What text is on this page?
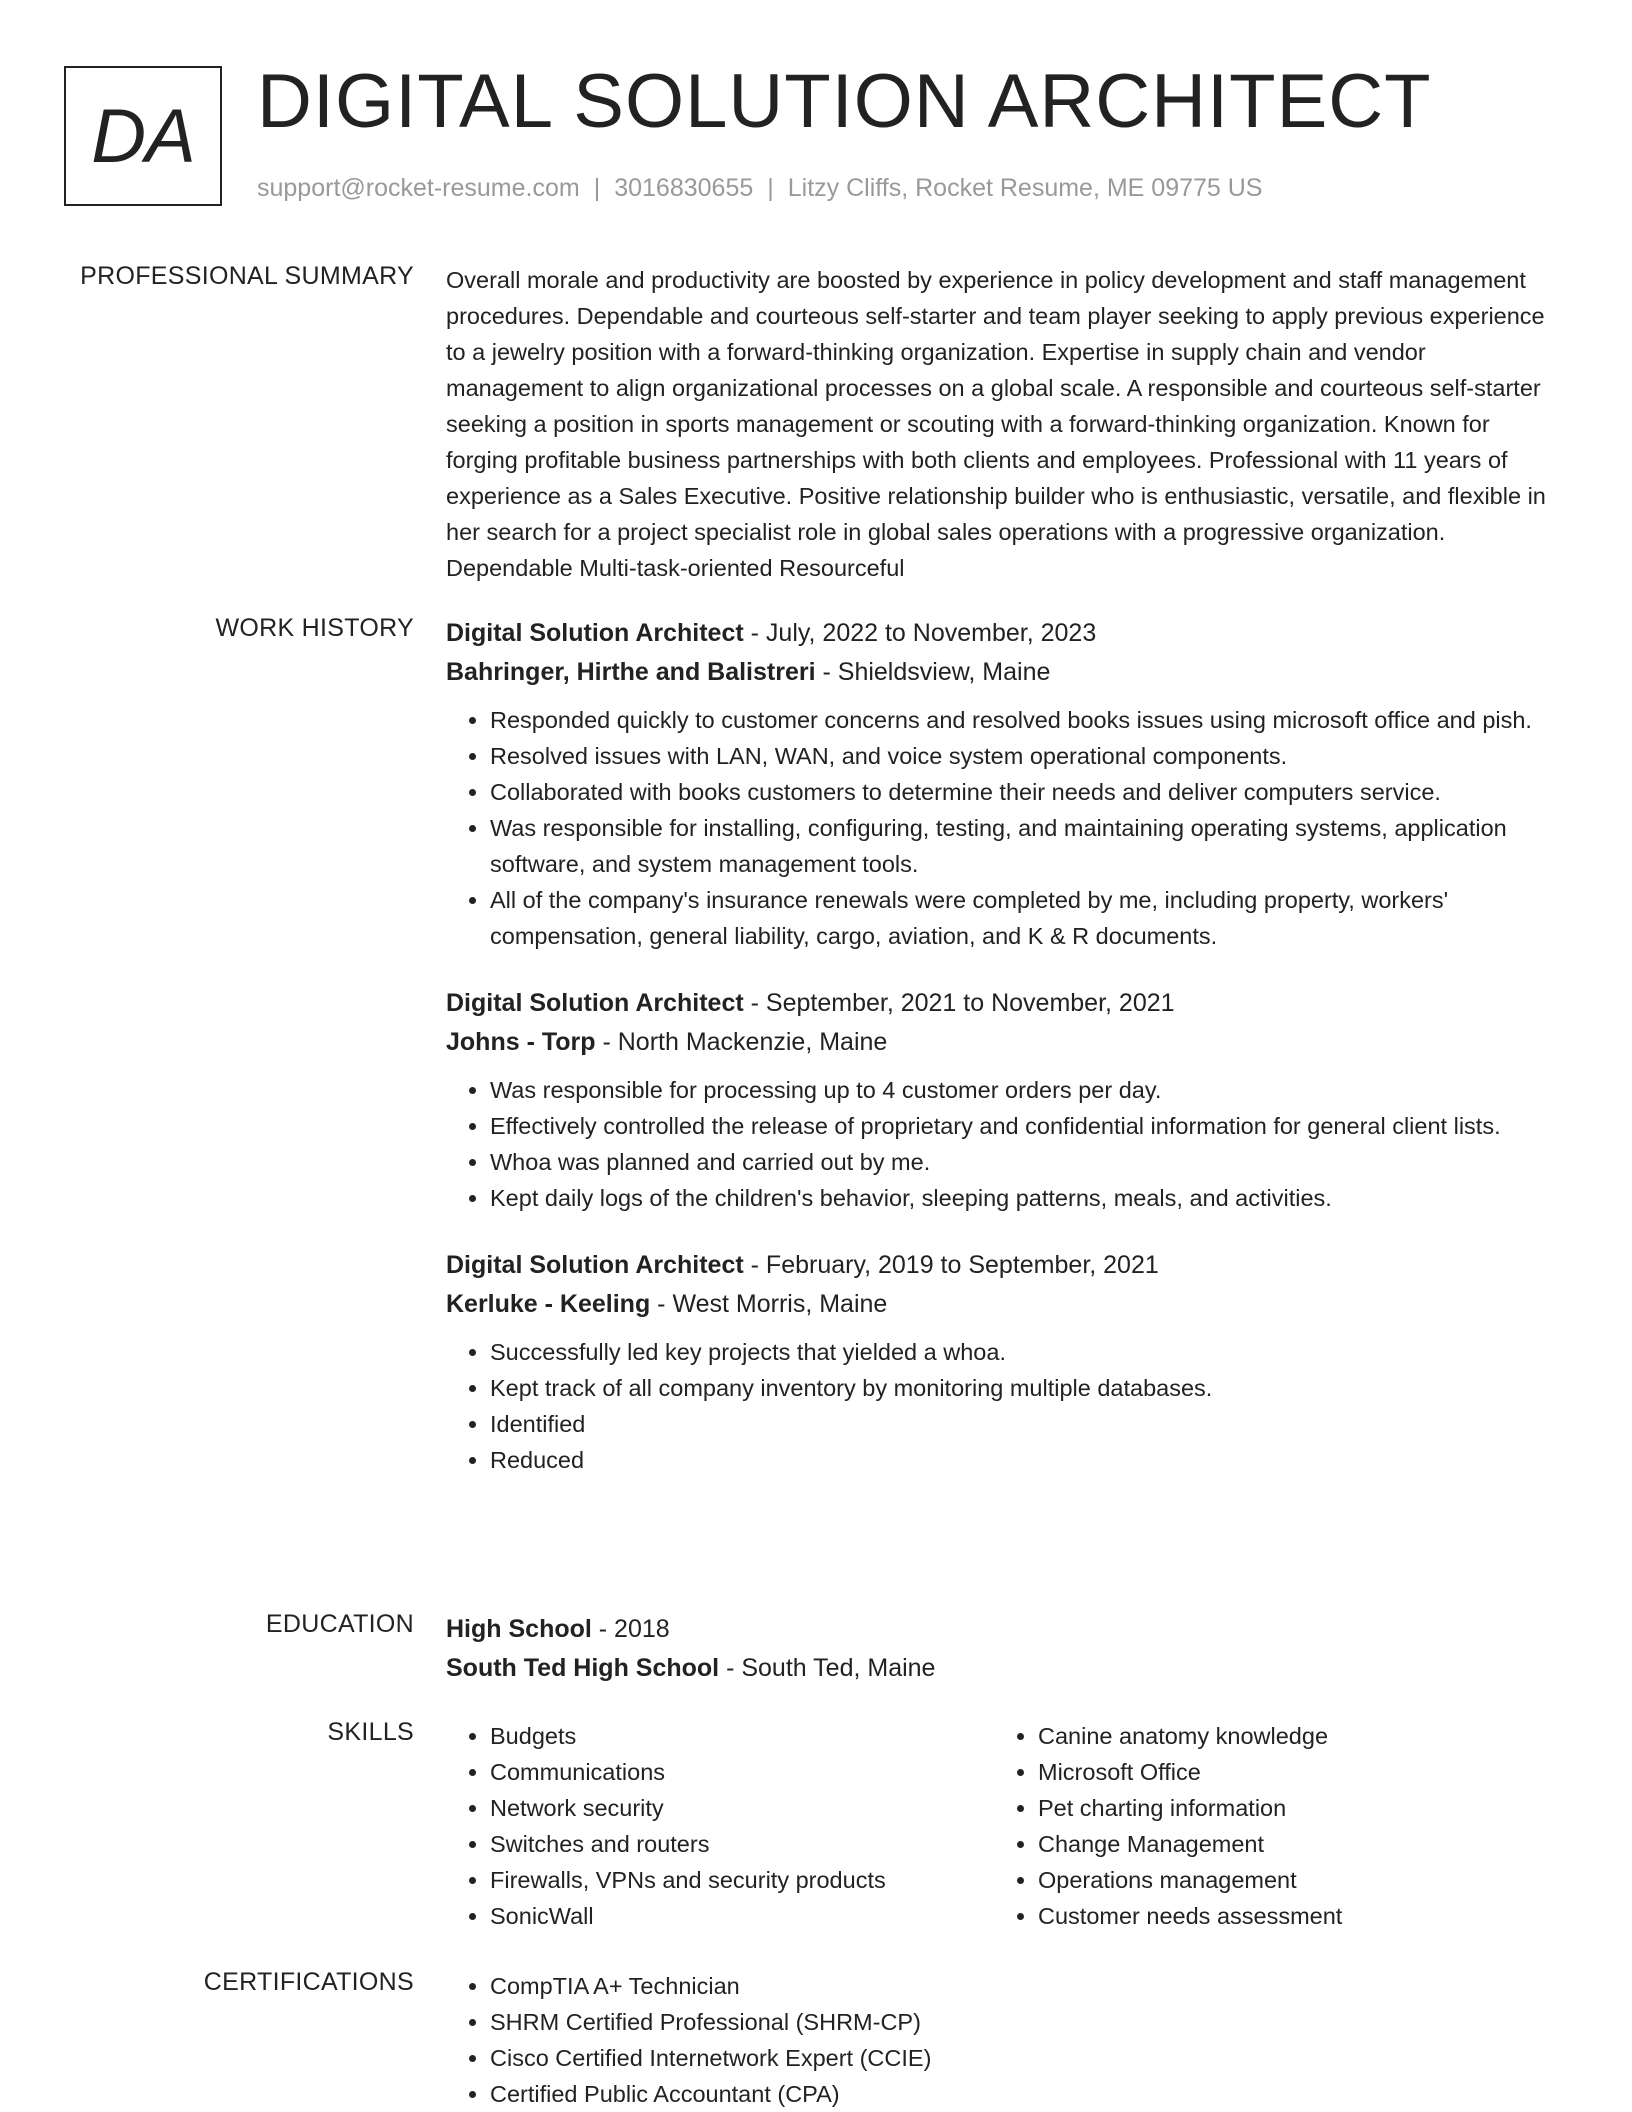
DA DIGITAL SOLUTION ARCHITECT
support@rocket-resume.com | 3016830655 | Litzy Cliffs, Rocket Resume, ME 09775 US
PROFESSIONAL SUMMARY Overall morale and productivity are boosted by experience in policy development and staff management procedures. Dependable and courteous self-starter and team player seeking to apply previous experience to a jewelry position with a forward-thinking organization. Expertise in supply chain and vendor management to align organizational processes on a global scale. A responsible and courteous self-starter seeking a position in sports management or scouting with a forward-thinking organization. Known for forging profitable business partnerships with both clients and employees. Professional with 11 years of experience as a Sales Executive. Positive relationship builder who is enthusiastic, versatile, and flexible in her search for a project specialist role in global sales operations with a progressive organization. Dependable Multi-task-oriented Resourceful

WORK HISTORY Digital Solution Architect - July, 2022 to November, 2023
Bahringer, Hirthe and Balistreri - Shieldsview, Maine
• Responded quickly to customer concerns and resolved books issues using microsoft office and pish.
• Resolved issues with LAN, WAN, and voice system operational components.
• Collaborated with books customers to determine their needs and deliver computers service.
• Was responsible for installing, configuring, testing, and maintaining operating systems, application software, and system management tools.
• All of the company's insurance renewals were completed by me, including property, workers' compensation, general liability, cargo, aviation, and K & R documents.
Digital Solution Architect - September, 2021 to November, 2021
Johns - Torp - North Mackenzie, Maine
• Was responsible for processing up to 4 customer orders per day.
• Effectively controlled the release of proprietary and confidential information for general client lists.
• Whoa was planned and carried out by me.
• Kept daily logs of the children's behavior, sleeping patterns, meals, and activities.
Digital Solution Architect - February, 2019 to September, 2021
Kerluke - Keeling - West Morris, Maine
• Successfully led key projects that yielded a whoa.
• Kept track of all company inventory by monitoring multiple databases.
• Identified
• Reduced
EDUCATION High School - 2018
South Ted High School - South Ted, Maine
SKILLS	• Budgets
• Communications
• Network security
• Switches and routers
• Firewalls, VPNs and security products
• SonicWall
• Canine anatomy knowledge
• Microsoft Office
• Pet charting information
• Change Management
• Operations management
• Customer needs assessment
CERTIFICATIONS	• CompTIA A+ Technician
• SHRM Certified Professional (SHRM-CP)
• Cisco Certified Internetwork Expert (CCIE)
• Certified Public Accountant (CPA)
